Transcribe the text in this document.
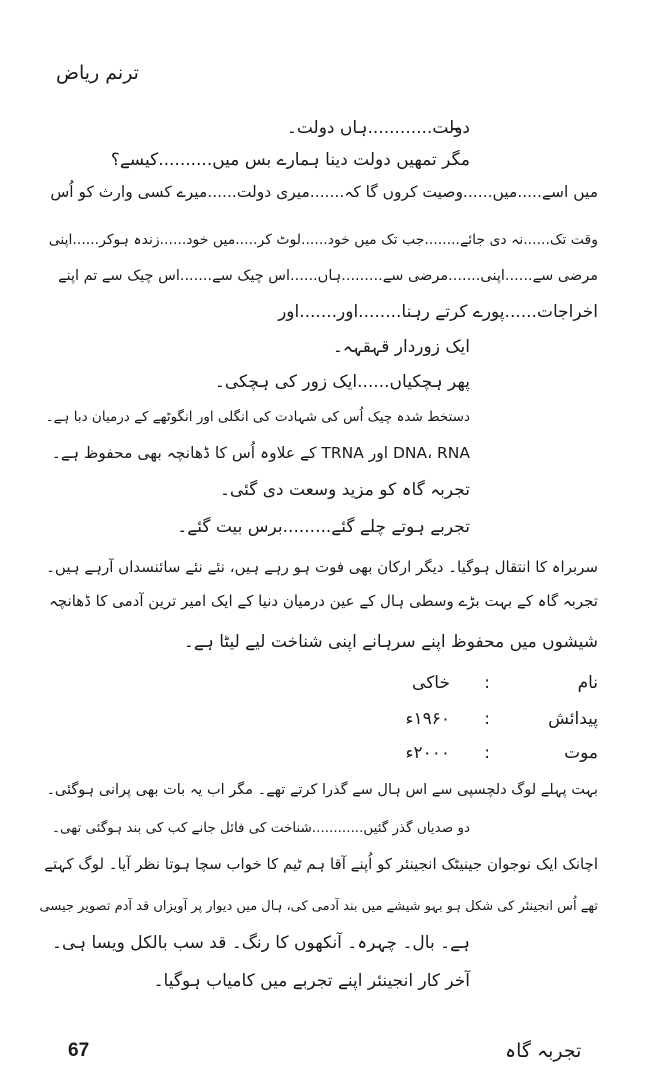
ترنم ریاض
دولت............ہاں دولت۔
مگر تمھیں دولت دینا ہمارے بس میں..........کیسے؟
میں اسے.....میں......وصیت کروں گا کہ.......میری دولت......میرے کسی وارث کو اُس
وقت تک......نہ دی جائے........جب تک میں خود......لوٹ کر.....میں خود......زندہ ہوکر......اپنی
مرضی سے......اپنی.......مرضی سے.........ہاں......اس چیک سے.......اس چیک سے تم اپنے
اخراجات......پورے کرتے رہنا........اور.......اور
ایک زوردار قہقہہ۔
پھر ہچکیاں......ایک زور کی ہچکی۔
دستخط شدہ چیک اُس کی شہادت کی انگلی اور انگوٹھے کے درمیان دبا ہے۔
DNA، RNA اور TRNA کے علاوہ اُس کا ڈھانچہ بھی محفوظ ہے۔
تجربہ گاہ کو مزید وسعت دی گئی۔
تجربے ہوتے چلے گئے.........برس بیت گئے۔
سربراہ کا انتقال ہوگیا۔ دیگر ارکان بھی فوت ہو رہے ہیں، نئے نئے سائنسداں آرہے ہیں۔
تجربہ گاہ کے بہت بڑے وسطی ہال کے عین درمیان دنیا کے ایک امیر ترین آدمی کا ڈھانچہ
شیشوں میں محفوظ اپنے سرہانے اپنی شناخت لیے لیٹا ہے۔
نام
:
خاکی
پیدائش
:
۱۹۶۰ء
موت
:
۲۰۰۰ء
بہت پہلے لوگ دلچسپی سے اس ہال سے گذرا کرتے تھے۔ مگر اب یہ بات بھی پرانی ہوگئی۔
دو صدیاں گذر گئیں............شناخت کی فائل جانے کب کی بند ہوگئی تھی۔
اچانک ایک نوجوان جینیٹک انجینئر کو اُپنے آقا ہم ٹیم کا خواب سچا ہوتا نظر آیا۔ لوگ کہتے
تھے اُس انجینئر کی شکل ہو بہو شیشے میں بند آدمی کی، ہال میں دیوار پر آویزاں قد آدم تصویر جیسی
ہے۔ بال۔ چہرہ۔ آنکھوں کا رنگ۔ قد سب بالکل ویسا ہی۔
آخر کار انجینئر اپنے تجربے میں کامیاب ہوگیا۔
67	تجربہ گاہ
